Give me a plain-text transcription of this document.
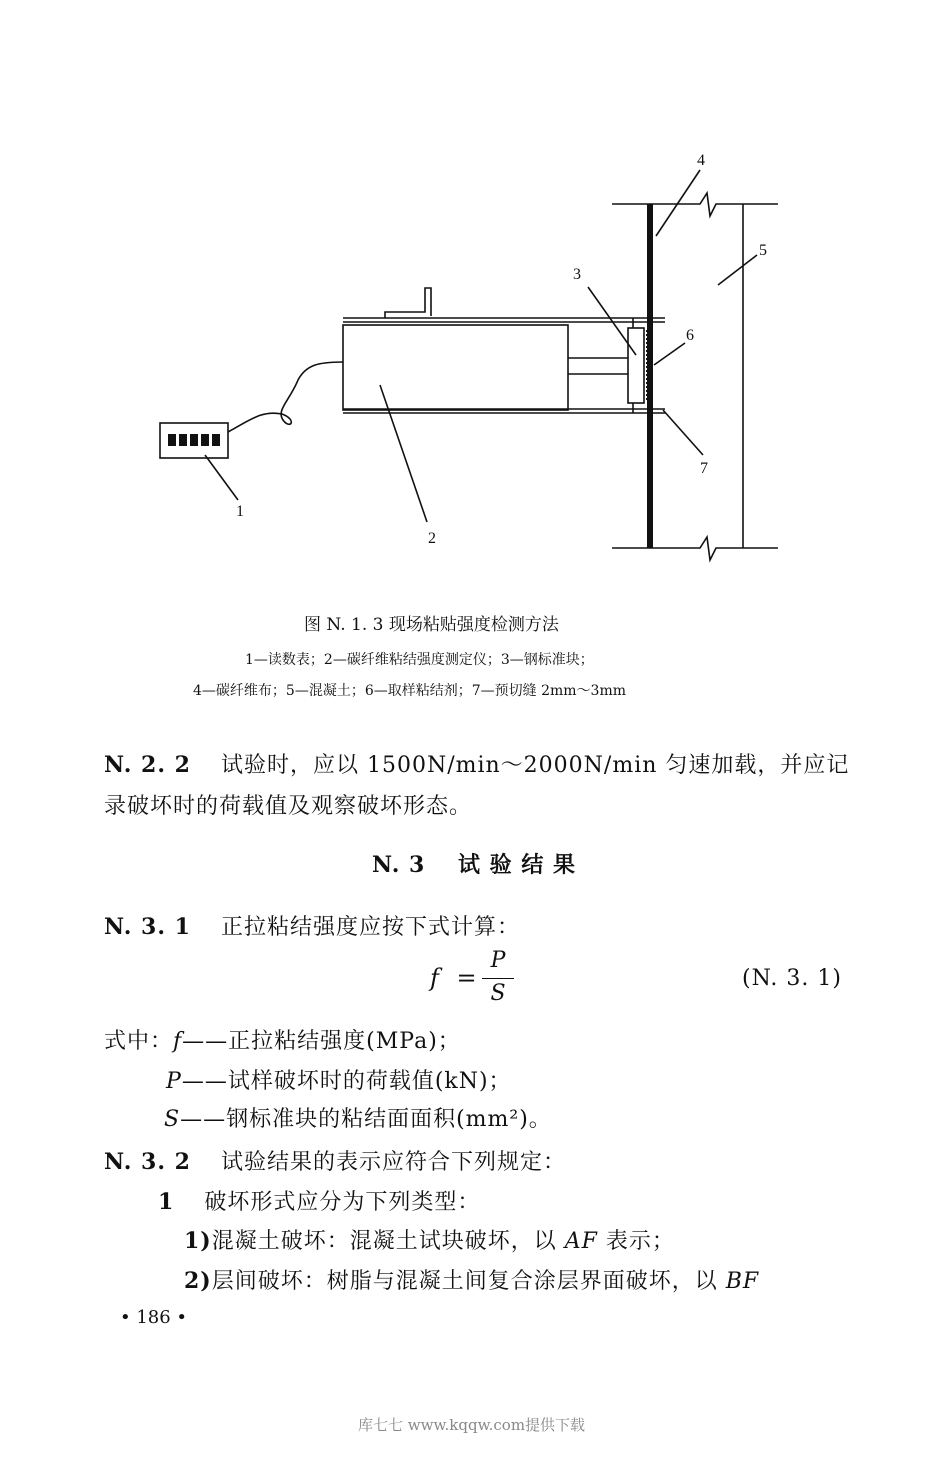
1
2
3
4
5
6
7
图 N. 1. 3 现场粘贴强度检测方法
1—读数表；2—碳纤维粘结强度测定仪；3—钢标准块；
4—碳纤维布；5—混凝土；6—取样粘结剂；7—预切缝 2mm～3mm
N. 2. 2 试验时，应以 1500N/min～2000N/min 匀速加载，并应记
录破坏时的荷载值及观察破坏形态。
N. 3 试 验 结 果
N. 3. 1 正拉粘结强度应按下式计算：
f =
P
S
(N. 3. 1)
式中：f——正拉粘结强度(MPa)；
P——试样破坏时的荷载值(kN)；
S——钢标准块的粘结面面积(mm²)。
N. 3. 2 试验结果的表示应符合下列规定：
1 破坏形式应分为下列类型：
1)混凝土破坏：混凝土试块破坏，以 AF 表示；
2)层间破坏：树脂与混凝土间复合涂层界面破坏，以 BF
• 186 •
库七七 www.kqqw.com提供下载
